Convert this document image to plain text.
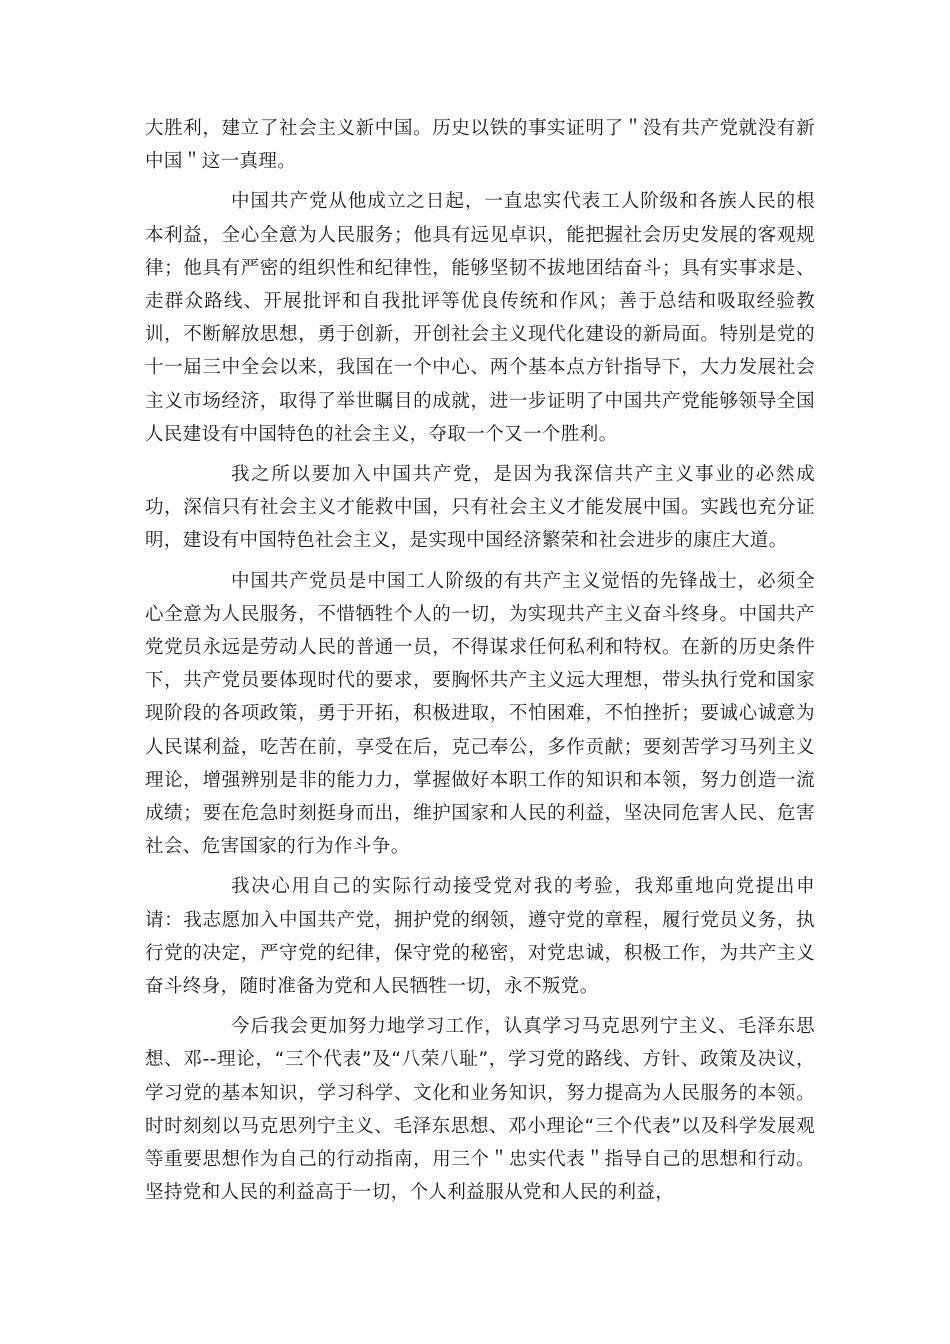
大胜利，建立了社会主义新中国。历史以铁的事实证明了＂没有共产党就没有新中国＂这一真理。

中国共产党从他成立之日起，一直忠实代表工人阶级和各族人民的根本利益，全心全意为人民服务；他具有远见卓识，能把握社会历史发展的客观规律；他具有严密的组织性和纪律性，能够坚韧不拔地团结奋斗；具有实事求是、走群众路线、开展批评和自我批评等优良传统和作风；善于总结和吸取经验教训，不断解放思想，勇于创新，开创社会主义现代化建设的新局面。特别是党的十一届三中全会以来，我国在一个中心、两个基本点方针指导下，大力发展社会主义市场经济，取得了举世瞩目的成就，进一步证明了中国共产党能够领导全国人民建设有中国特色的社会主义，夺取一个又一个胜利。

我之所以要加入中国共产党，是因为我深信共产主义事业的必然成功，深信只有社会主义才能救中国，只有社会主义才能发展中国。实践也充分证明，建设有中国特色社会主义，是实现中国经济繁荣和社会进步的康庄大道。

中国共产党员是中国工人阶级的有共产主义觉悟的先锋战士，必须全心全意为人民服务，不惜牺牲个人的一切，为实现共产主义奋斗终身。中国共产党党员永远是劳动人民的普通一员，不得谋求任何私利和特权。在新的历史条件下，共产党员要体现时代的要求，要胸怀共产主义远大理想，带头执行党和国家现阶段的各项政策，勇于开拓，积极进取，不怕困难，不怕挫折；要诚心诚意为人民谋利益，吃苦在前，享受在后，克己奉公，多作贡献；要刻苦学习马列主义理论，增强辨别是非的能力力，掌握做好本职工作的知识和本领，努力创造一流成绩；要在危急时刻挺身而出，维护国家和人民的利益，坚决同危害人民、危害社会、危害国家的行为作斗争。

我决心用自己的实际行动接受党对我的考验，我郑重地向党提出申请：我志愿加入中国共产党，拥护党的纲领，遵守党的章程，履行党员义务，执行党的决定，严守党的纪律，保守党的秘密，对党忠诚，积极工作，为共产主义奋斗终身，随时准备为党和人民牺牲一切，永不叛党。

今后我会更加努力地学习工作，认真学习马克思列宁主义、毛泽东思想、邓--理论，“三个代表”及“八荣八耻”，学习党的路线、方针、政策及决议，学习党的基本知识，学习科学、文化和业务知识，努力提高为人民服务的本领。时时刻刻以马克思列宁主义、毛泽东思想、邓小理论“三个代表”以及科学发展观等重要思想作为自己的行动指南，用三个＂忠实代表＂指导自己的思想和行动。坚持党和人民的利益高于一切，个人利益服从党和人民的利益，
